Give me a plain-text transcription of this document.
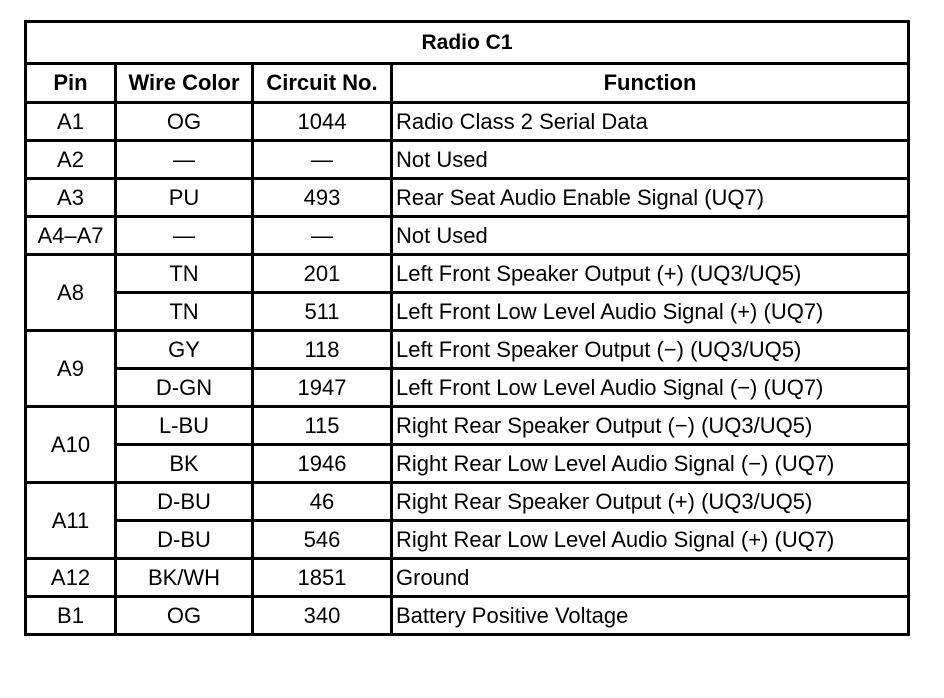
Radio C1			
Pin	Wire Color	Circuit No.	Function
A1	OG	1044	Radio Class 2 Serial Data
A2	—	—	Not Used
A3	PU	493	Rear Seat Audio Enable Signal (UQ7)
A4–A7	—	—	Not Used
A8	TN	201	Left Front Speaker Output (+) (UQ3/UQ5)
	TN	511	Left Front Low Level Audio Signal (+) (UQ7)
A9	GY	118	Left Front Speaker Output (−) (UQ3/UQ5)
	D-GN	1947	Left Front Low Level Audio Signal (−) (UQ7)
A10	L-BU	115	Right Rear Speaker Output (−) (UQ3/UQ5)
	BK	1946	Right Rear Low Level Audio Signal (−) (UQ7)
A11	D-BU	46	Right Rear Speaker Output (+) (UQ3/UQ5)
	D-BU	546	Right Rear Low Level Audio Signal (+) (UQ7)
A12	BK/WH	1851	Ground
B1	OG	340	Battery Positive Voltage
